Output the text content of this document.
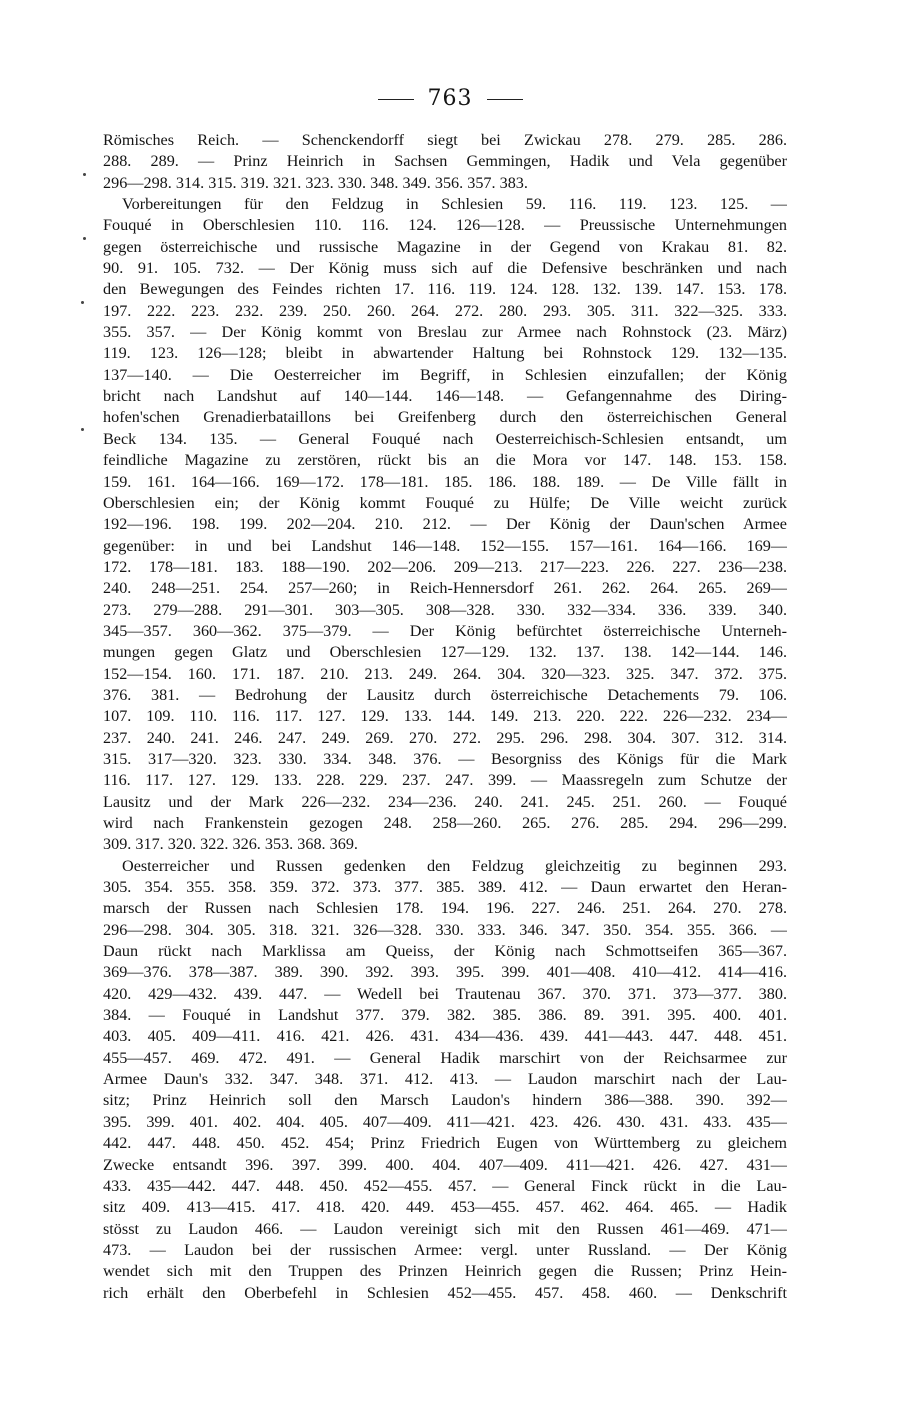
763
Römisches Reich. — Schenckendorff siegt bei Zwickau 278. 279. 285. 286.
288. 289. — Prinz Heinrich in Sachsen Gemmingen, Hadik und Vela gegenüber
296—298. 314. 315. 319. 321. 323. 330. 348. 349. 356. 357. 383.
Vorbereitungen für den Feldzug in Schlesien 59. 116. 119. 123. 125. —
Fouqué in Oberschlesien 110. 116. 124. 126—128. — Preussische Unternehmungen
gegen österreichische und russische Magazine in der Gegend von Krakau 81. 82.
90. 91. 105. 732. — Der König muss sich auf die Defensive beschränken und nach
den Bewegungen des Feindes richten 17. 116. 119. 124. 128. 132. 139. 147. 153. 178.
197. 222. 223. 232. 239. 250. 260. 264. 272. 280. 293. 305. 311. 322—325. 333.
355. 357. — Der König kommt von Breslau zur Armee nach Rohnstock (23. März)
119. 123. 126—128; bleibt in abwartender Haltung bei Rohnstock 129. 132—135.
137—140. — Die Oesterreicher im Begriff, in Schlesien einzufallen; der König
bricht nach Landshut auf 140—144. 146—148. — Gefangennahme des Diring-
hofen'schen Grenadierbataillons bei Greifenberg durch den österreichischen General
Beck 134. 135. — General Fouqué nach Oesterreichisch-Schlesien entsandt, um
feindliche Magazine zu zerstören, rückt bis an die Mora vor 147. 148. 153. 158.
159. 161. 164—166. 169—172. 178—181. 185. 186. 188. 189. — De Ville fällt in
Oberschlesien ein; der König kommt Fouqué zu Hülfe; De Ville weicht zurück
192—196. 198. 199. 202—204. 210. 212. — Der König der Daun'schen Armee
gegenüber: in und bei Landshut 146—148. 152—155. 157—161. 164—166. 169—
172. 178—181. 183. 188—190. 202—206. 209—213. 217—223. 226. 227. 236—238.
240. 248—251. 254. 257—260; in Reich-Hennersdorf 261. 262. 264. 265. 269—
273. 279—288. 291—301. 303—305. 308—328. 330. 332—334. 336. 339. 340.
345—357. 360—362. 375—379. — Der König befürchtet österreichische Unterneh-
mungen gegen Glatz und Oberschlesien 127—129. 132. 137. 138. 142—144. 146.
152—154. 160. 171. 187. 210. 213. 249. 264. 304. 320—323. 325. 347. 372. 375.
376. 381. — Bedrohung der Lausitz durch österreichische Detachements 79. 106.
107. 109. 110. 116. 117. 127. 129. 133. 144. 149. 213. 220. 222. 226—232. 234—
237. 240. 241. 246. 247. 249. 269. 270. 272. 295. 296. 298. 304. 307. 312. 314.
315. 317—320. 323. 330. 334. 348. 376. — Besorgniss des Königs für die Mark
116. 117. 127. 129. 133. 228. 229. 237. 247. 399. — Maassregeln zum Schutze der
Lausitz und der Mark 226—232. 234—236. 240. 241. 245. 251. 260. — Fouqué
wird nach Frankenstein gezogen 248. 258—260. 265. 276. 285. 294. 296—299.
309. 317. 320. 322. 326. 353. 368. 369.
Oesterreicher und Russen gedenken den Feldzug gleichzeitig zu beginnen 293.
305. 354. 355. 358. 359. 372. 373. 377. 385. 389. 412. — Daun erwartet den Heran-
marsch der Russen nach Schlesien 178. 194. 196. 227. 246. 251. 264. 270. 278.
296—298. 304. 305. 318. 321. 326—328. 330. 333. 346. 347. 350. 354. 355. 366. —
Daun rückt nach Marklissa am Queiss, der König nach Schmottseifen 365—367.
369—376. 378—387. 389. 390. 392. 393. 395. 399. 401—408. 410—412. 414—416.
420. 429—432. 439. 447. — Wedell bei Trautenau 367. 370. 371. 373—377. 380.
384. — Fouqué in Landshut 377. 379. 382. 385. 386. 89. 391. 395. 400. 401.
403. 405. 409—411. 416. 421. 426. 431. 434—436. 439. 441—443. 447. 448. 451.
455—457. 469. 472. 491. — General Hadik marschirt von der Reichsarmee zur
Armee Daun's 332. 347. 348. 371. 412. 413. — Laudon marschirt nach der Lau-
sitz; Prinz Heinrich soll den Marsch Laudon's hindern 386—388. 390. 392—
395. 399. 401. 402. 404. 405. 407—409. 411—421. 423. 426. 430. 431. 433. 435—
442. 447. 448. 450. 452. 454; Prinz Friedrich Eugen von Württemberg zu gleichem
Zwecke entsandt 396. 397. 399. 400. 404. 407—409. 411—421. 426. 427. 431—
433. 435—442. 447. 448. 450. 452—455. 457. — General Finck rückt in die Lau-
sitz 409. 413—415. 417. 418. 420. 449. 453—455. 457. 462. 464. 465. — Hadik
stösst zu Laudon 466. — Laudon vereinigt sich mit den Russen 461—469. 471—
473. — Laudon bei der russischen Armee: vergl. unter Russland. — Der König
wendet sich mit den Truppen des Prinzen Heinrich gegen die Russen; Prinz Hein-
rich erhält den Oberbefehl in Schlesien 452—455. 457. 458. 460. — Denkschrift
